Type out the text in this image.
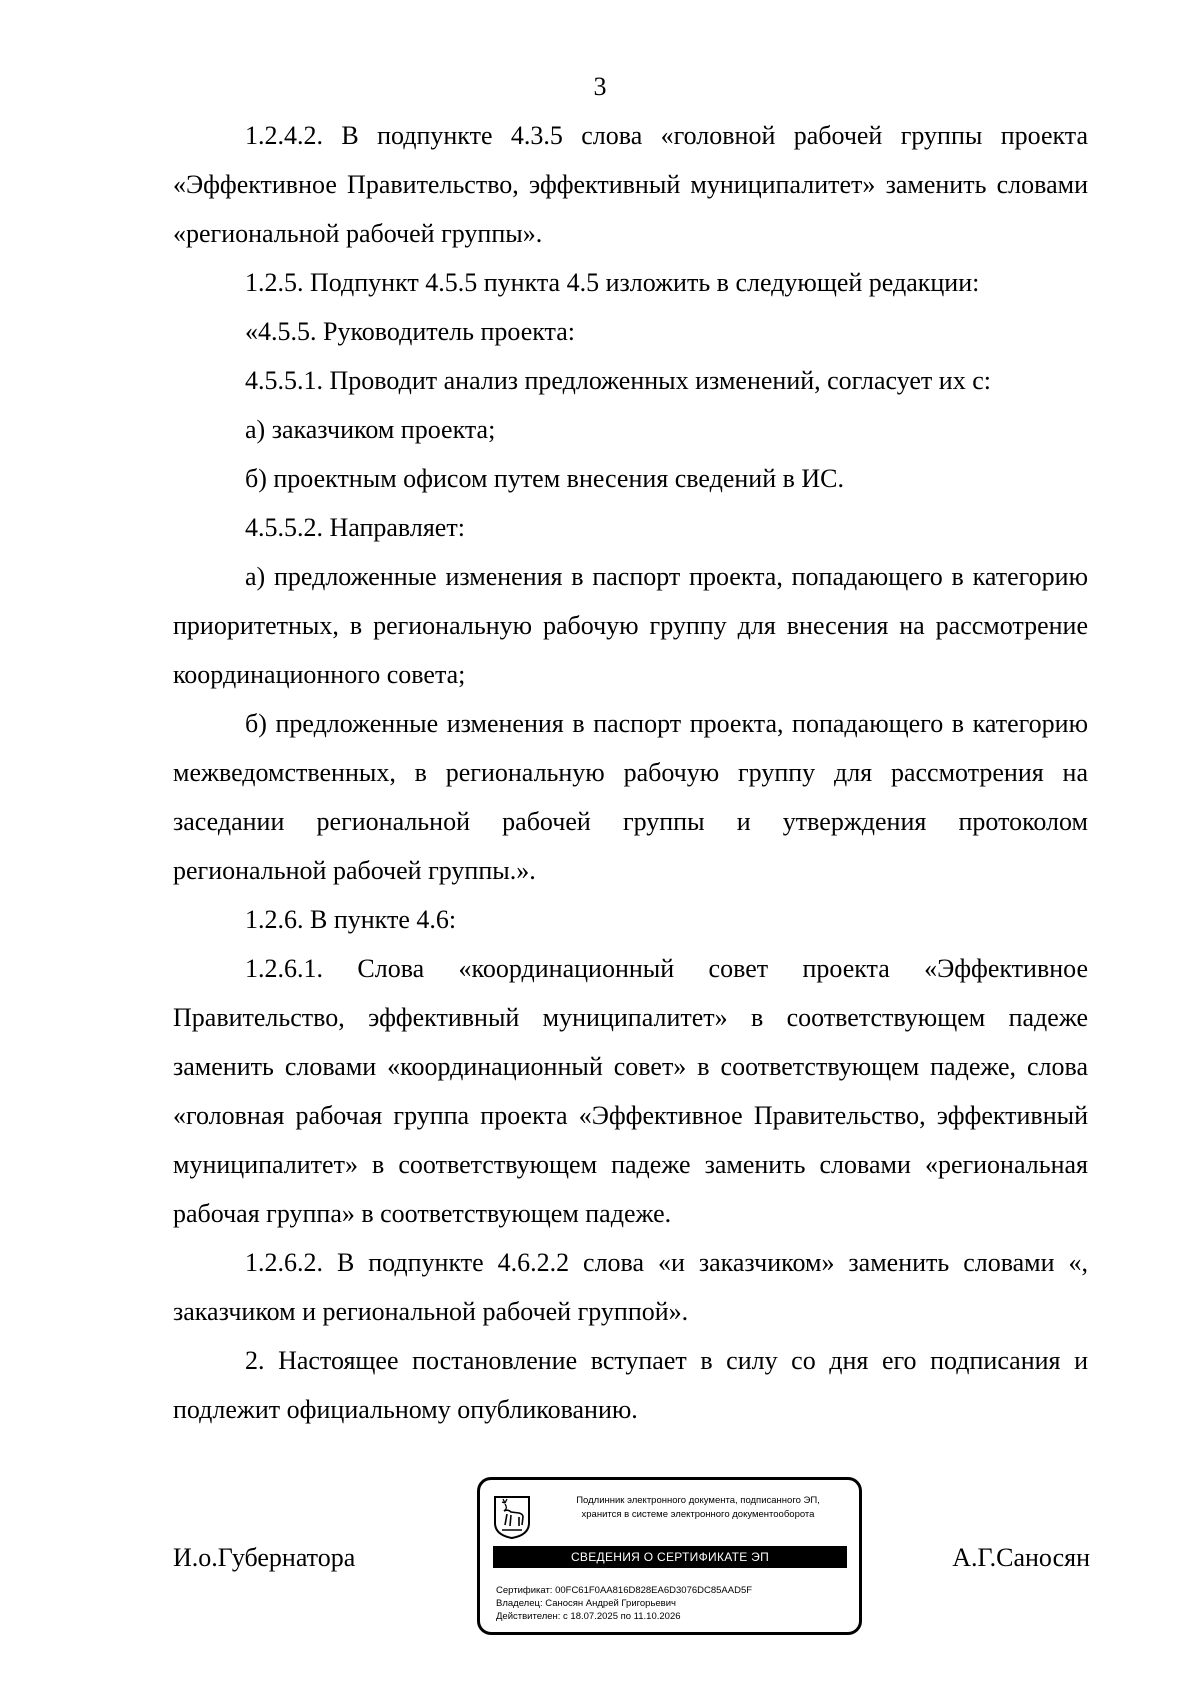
3

1.2.4.2. В подпункте 4.3.5 слова «головной рабочей группы проекта «Эффективное Правительство, эффективный муниципалитет» заменить словами «региональной рабочей группы».

1.2.5. Подпункт 4.5.5 пункта 4.5 изложить в следующей редакции:

«4.5.5. Руководитель проекта:

4.5.5.1. Проводит анализ предложенных изменений, согласует их с:

а) заказчиком проекта;

б) проектным офисом путем внесения сведений в ИС.

4.5.5.2. Направляет:

а) предложенные изменения в паспорт проекта, попадающего в категорию приоритетных, в региональную рабочую группу для внесения на рассмотрение координационного совета;

б) предложенные изменения в паспорт проекта, попадающего в категорию межведомственных, в региональную рабочую группу для рассмотрения на заседании региональной рабочей группы и утверждения протоколом региональной рабочей группы.».

1.2.6. В пункте 4.6:

1.2.6.1. Слова «координационный совет проекта «Эффективное Правительство, эффективный муниципалитет» в соответствующем падеже заменить словами «координационный совет» в соответствующем падеже, слова «головная рабочая группа проекта «Эффективное Правительство, эффективный муниципалитет» в соответствующем падеже заменить словами «региональная рабочая группа» в соответствующем падеже.

1.2.6.2. В подпункте 4.6.2.2 слова «и заказчиком» заменить словами «, заказчиком и региональной рабочей группой».

2. Настоящее постановление вступает в силу со дня его подписания и подлежит официальному опубликованию.

И.о.Губернатора
Подлинник электронного документа, подписанного ЭП,
хранится в системе электронного документооборота
СВЕДЕНИЯ О СЕРТИФИКАТЕ ЭП
Сертификат: 00FC61F0AA816D828EA6D3076DC85AAD5F
Владелец: Саносян Андрей Григорьевич
Действителен: с 18.07.2025 по 11.10.2026
А.Г.Саносян
